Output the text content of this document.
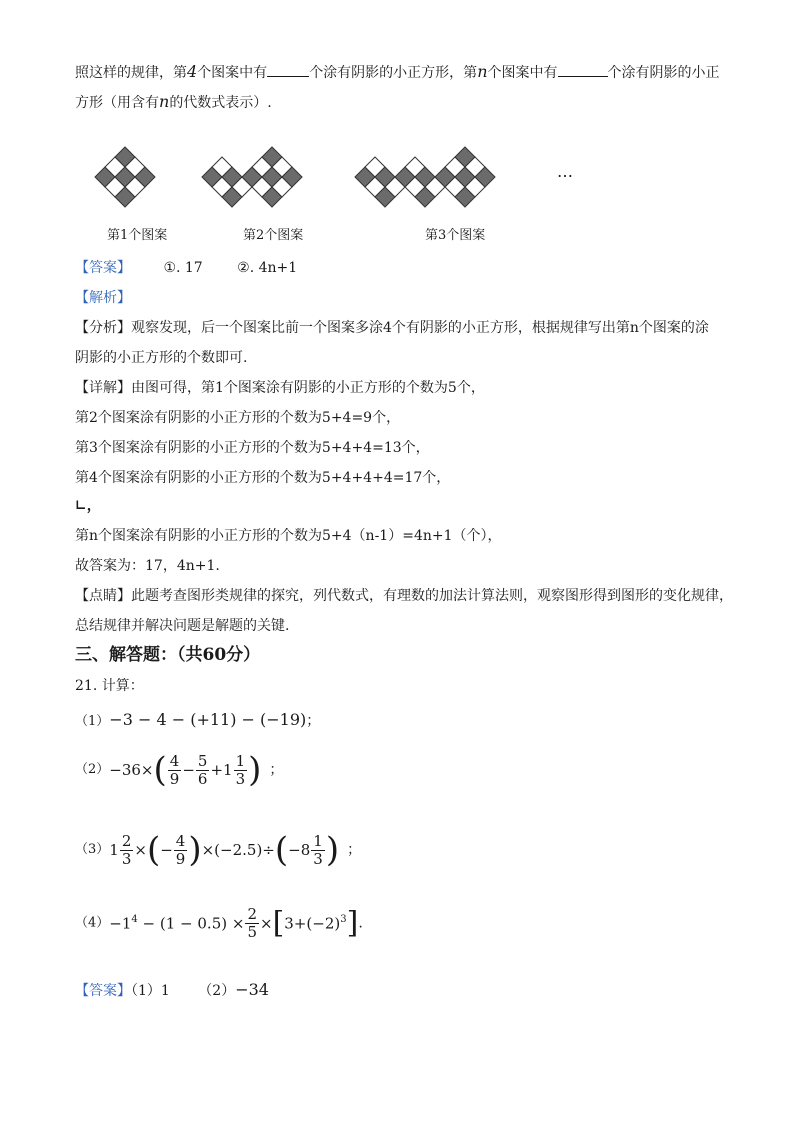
照这样的规律，第4个图案中有	个涂有阴影的小正方形，第n个图案中有	个涂有阴影的小正
方形（用含有n的代数式表示）.
第1个图案	第2个图案	第3个图案
…
【答案】 ①. 17 ②. 4n+1
【解析】
【分析】观察发现，后一个图案比前一个图案多涂4个有阴影的小正方形，根据规律写出第n个图案的涂
阴影的小正方形的个数即可.
【详解】由图可得，第1个图案涂有阴影的小正方形的个数为5个，
第2个图案涂有阴影的小正方形的个数为5+4=9个，
第3个图案涂有阴影的小正方形的个数为5+4+4=13个，
第4个图案涂有阴影的小正方形的个数为5+4+4+4=17个，
∟，
第n个图案涂有阴影的小正方形的个数为5+4（n-1）=4n+1（个），
故答案为：17，4n+1.
【点睛】此题考查图形类规律的探究，列代数式，有理数的加法计算法则，观察图形得到图形的变化规律，
总结规律并解决问题是解题的关键.
三、解答题：（共60分）
21. 计算：
（1）−3 − 4 − (+11) − (−19)；
$(2)-36\times( \frac{4}{9} - \frac{5}{6} +1 \frac{1}{3}$ ) ；
$(3)1 \frac{2}{3}$ ×(− $\frac{4}{9} )\times(-2.5)\div(-8 \frac{1}{3}$ ) ；
$(4)-1^4 - (1 - 0.5) \times \frac{2}{5} \times[3+(-2)^3]$.
【答案】（1）1 （2）−34
